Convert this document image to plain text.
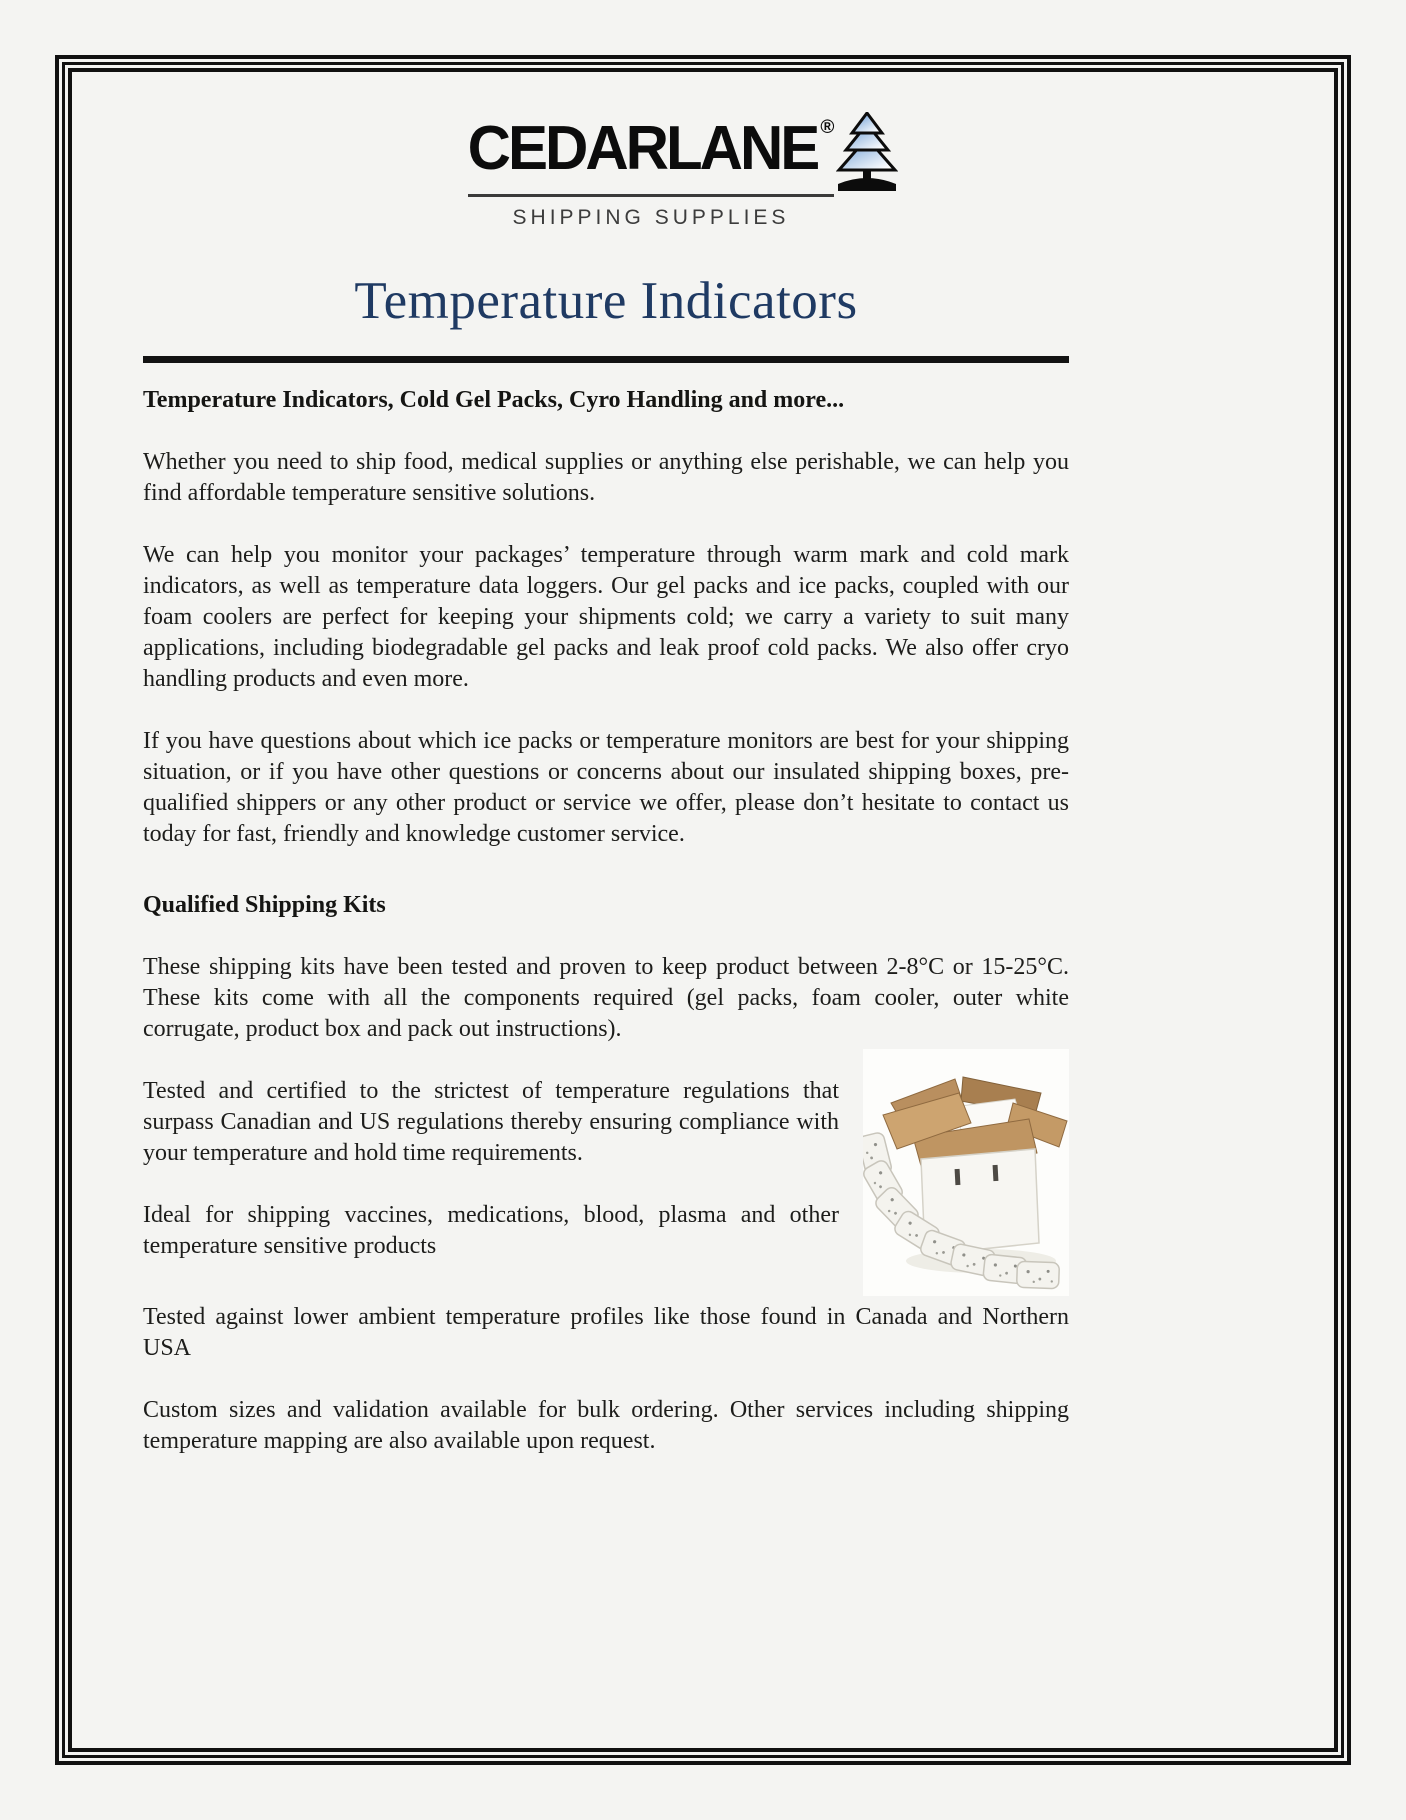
CEDARLANE ®
SHIPPING SUPPLIES
Temperature Indicators
Temperature Indicators, Cold Gel Packs, Cyro Handling and more...

Whether you need to ship food, medical supplies or anything else perishable, we can help you find affordable temperature sensitive solutions.

We can help you monitor your packages’ temperature through warm mark and cold mark indicators, as well as temperature data loggers. Our gel packs and ice packs, coupled with our foam coolers are perfect for keeping your shipments cold; we carry a variety to suit many applications, including biodegradable gel packs and leak proof cold packs. We also offer cryo handling products and even more.

If you have questions about which ice packs or temperature monitors are best for your shipping situation, or if you have other questions or concerns about our insulated shipping boxes, pre-qualified shippers or any other product or service we offer, please don’t hesitate to contact us today for fast, friendly and knowledge customer service.

Qualified Shipping Kits

These shipping kits have been tested and proven to keep product between 2-8°C or 15-25°C. These kits come with all the components required (gel packs, foam cooler, outer white corrugate, product box and pack out instructions).

Tested and certified to the strictest of temperature regulations that surpass Canadian and US regulations thereby ensuring compliance with your temperature and hold time requirements.

Ideal for shipping vaccines, medications, blood, plasma and other temperature sensitive products

Tested against lower ambient temperature profiles like those found in Canada and Northern USA

Custom sizes and validation available for bulk ordering. Other services including shipping temperature mapping are also available upon request.
